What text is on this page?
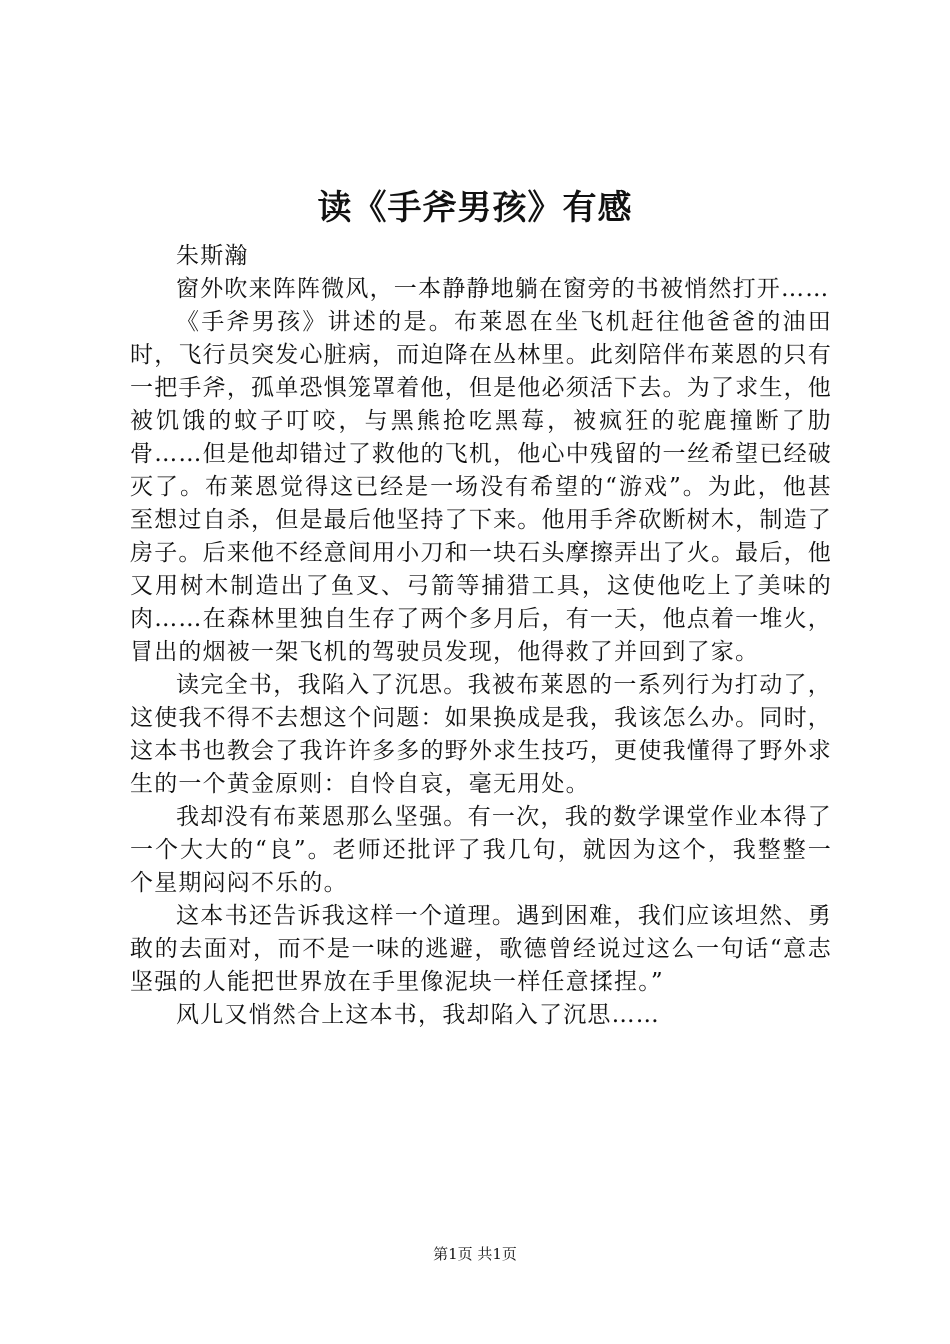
读《手斧男孩》有感

朱斯瀚

窗外吹来阵阵微风，一本静静地躺在窗旁的书被悄然打开……

《手斧男孩》讲述的是。布莱恩在坐飞机赶往他爸爸的油田时，飞行员突发心脏病，而迫降在丛林里。此刻陪伴布莱恩的只有一把手斧，孤单恐惧笼罩着他，但是他必须活下去。为了求生，他被饥饿的蚊子叮咬，与黑熊抢吃黑莓，被疯狂的驼鹿撞断了肋骨……但是他却错过了救他的飞机，他心中残留的一丝希望已经破灭了。布莱恩觉得这已经是一场没有希望的“游戏”。为此，他甚至想过自杀，但是最后他坚持了下来。他用手斧砍断树木，制造了房子。后来他不经意间用小刀和一块石头摩擦弄出了火。最后，他又用树木制造出了鱼叉、弓箭等捕猎工具，这使他吃上了美味的肉……在森林里独自生存了两个多月后，有一天，他点着一堆火，冒出的烟被一架飞机的驾驶员发现，他得救了并回到了家。

读完全书，我陷入了沉思。我被布莱恩的一系列行为打动了，这使我不得不去想这个问题：如果换成是我，我该怎么办。同时，这本书也教会了我许许多多的野外求生技巧，更使我懂得了野外求生的一个黄金原则：自怜自哀，毫无用处。

我却没有布莱恩那么坚强。有一次，我的数学课堂作业本得了一个大大的“良”。老师还批评了我几句，就因为这个，我整整一个星期闷闷不乐的。

这本书还告诉我这样一个道理。遇到困难，我们应该坦然、勇敢的去面对，而不是一味的逃避，歌德曾经说过这么一句话“意志坚强的人能把世界放在手里像泥块一样任意揉捏。”

风儿又悄然合上这本书，我却陷入了沉思……

第1页 共1页
